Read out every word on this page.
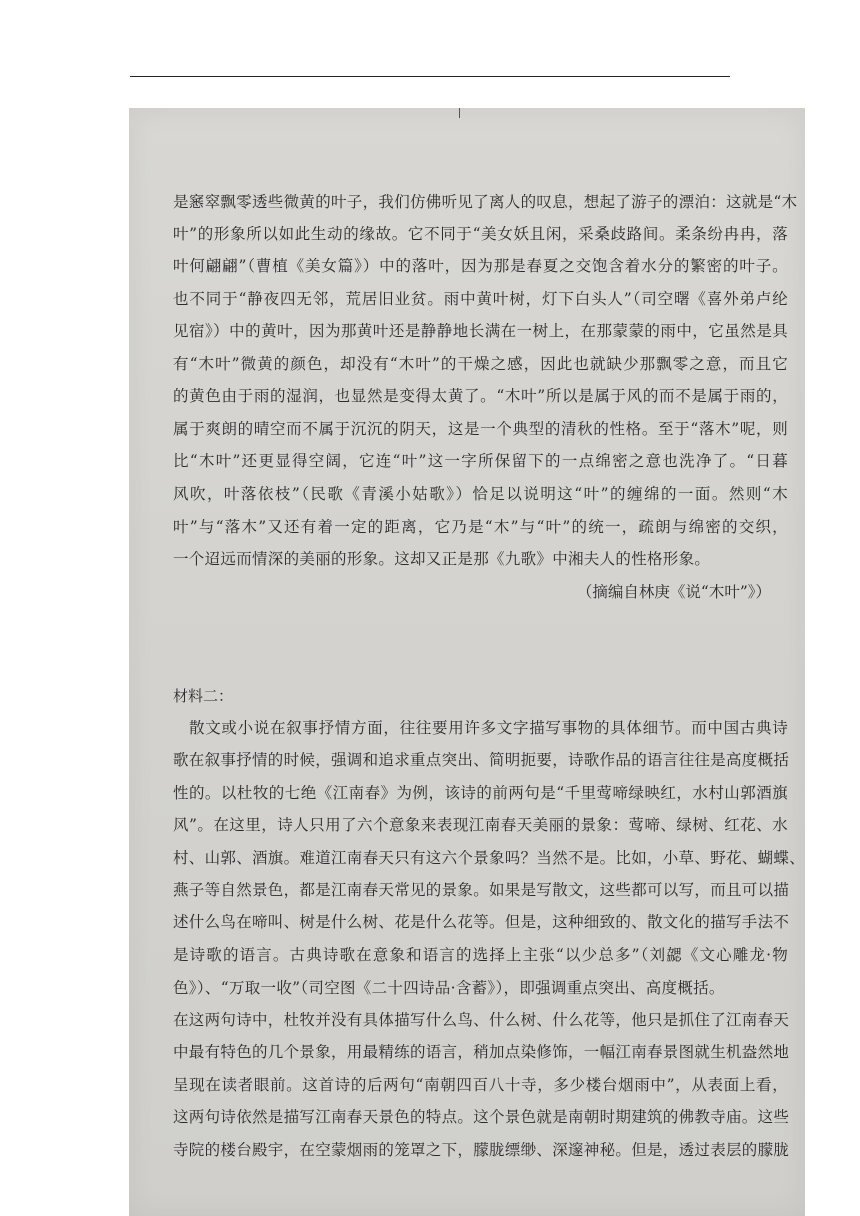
是窸窣飘零透些微黄的叶子，我们仿佛听见了离人的叹息，想起了游子的漂泊：这就是“木
叶”的形象所以如此生动的缘故。它不同于“美女妖且闲，采桑歧路间。柔条纷冉冉，落
叶何翩翩”（曹植《美女篇》）中的落叶，因为那是春夏之交饱含着水分的繁密的叶子。
也不同于“静夜四无邻，荒居旧业贫。雨中黄叶树，灯下白头人”（司空曙《喜外弟卢纶
见宿》）中的黄叶，因为那黄叶还是静静地长满在一树上，在那蒙蒙的雨中，它虽然是具
有“木叶”微黄的颜色，却没有“木叶”的干燥之感，因此也就缺少那飘零之意，而且它
的黄色由于雨的湿润，也显然是变得太黄了。“木叶”所以是属于风的而不是属于雨的，
属于爽朗的晴空而不属于沉沉的阴天，这是一个典型的清秋的性格。至于“落木”呢，则
比“木叶”还更显得空阔，它连“叶”这一字所保留下的一点绵密之意也洗净了。“日暮
风吹，叶落依枝”（民歌《青溪小姑歌》）恰足以说明这“叶”的缠绵的一面。然则“木
叶”与“落木”又还有着一定的距离，它乃是“木”与“叶”的统一，疏朗与绵密的交织，
一个迢远而情深的美丽的形象。这却又正是那《九歌》中湘夫人的性格形象。
（摘编自林庚《说“木叶”》）
材料二：
散文或小说在叙事抒情方面，往往要用许多文字描写事物的具体细节。而中国古典诗
歌在叙事抒情的时候，强调和追求重点突出、简明扼要，诗歌作品的语言往往是高度概括
性的。以杜牧的七绝《江南春》为例，该诗的前两句是“千里莺啼绿映红，水村山郭酒旗
风”。在这里，诗人只用了六个意象来表现江南春天美丽的景象：莺啼、绿树、红花、水
村、山郭、酒旗。难道江南春天只有这六个景象吗？当然不是。比如，小草、野花、蝴蝶、
燕子等自然景色，都是江南春天常见的景象。如果是写散文，这些都可以写，而且可以描
述什么鸟在啼叫、树是什么树、花是什么花等。但是，这种细致的、散文化的描写手法不
是诗歌的语言。古典诗歌在意象和语言的选择上主张“以少总多”（刘勰《文心雕龙·物
色》）、“万取一收”（司空图《二十四诗品·含蓄》），即强调重点突出、高度概括。
在这两句诗中，杜牧并没有具体描写什么鸟、什么树、什么花等，他只是抓住了江南春天
中最有特色的几个景象，用最精练的语言，稍加点染修饰，一幅江南春景图就生机盎然地
呈现在读者眼前。这首诗的后两句“南朝四百八十寺，多少楼台烟雨中”，从表面上看，
这两句诗依然是描写江南春天景色的特点。这个景色就是南朝时期建筑的佛教寺庙。这些
寺院的楼台殿宇，在空蒙烟雨的笼罩之下，朦胧缥缈、深邃神秘。但是，透过表层的朦胧
